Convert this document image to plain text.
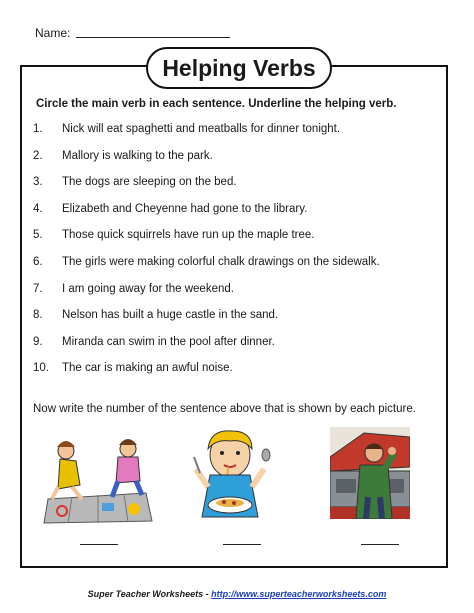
Name:
Helping Verbs
Circle the main verb in each sentence. Underline the helping verb.
1.	Nick will eat spaghetti and meatballs for dinner tonight.
2.	Mallory is walking to the park.
3.	The dogs are sleeping on the bed.
4.	Elizabeth and Cheyenne had gone to the library.
5.	Those quick squirrels have run up the maple tree.
6.	The girls were making colorful chalk drawings on the sidewalk.
7.	I am going away for the weekend.
8.	Nelson has built a huge castle in the sand.
9.	Miranda can swim in the pool after dinner.
10.	The car is making an awful noise.
Now write the number of the sentence above that is shown by each picture.
Super Teacher Worksheets - http://www.superteacherworksheets.com
